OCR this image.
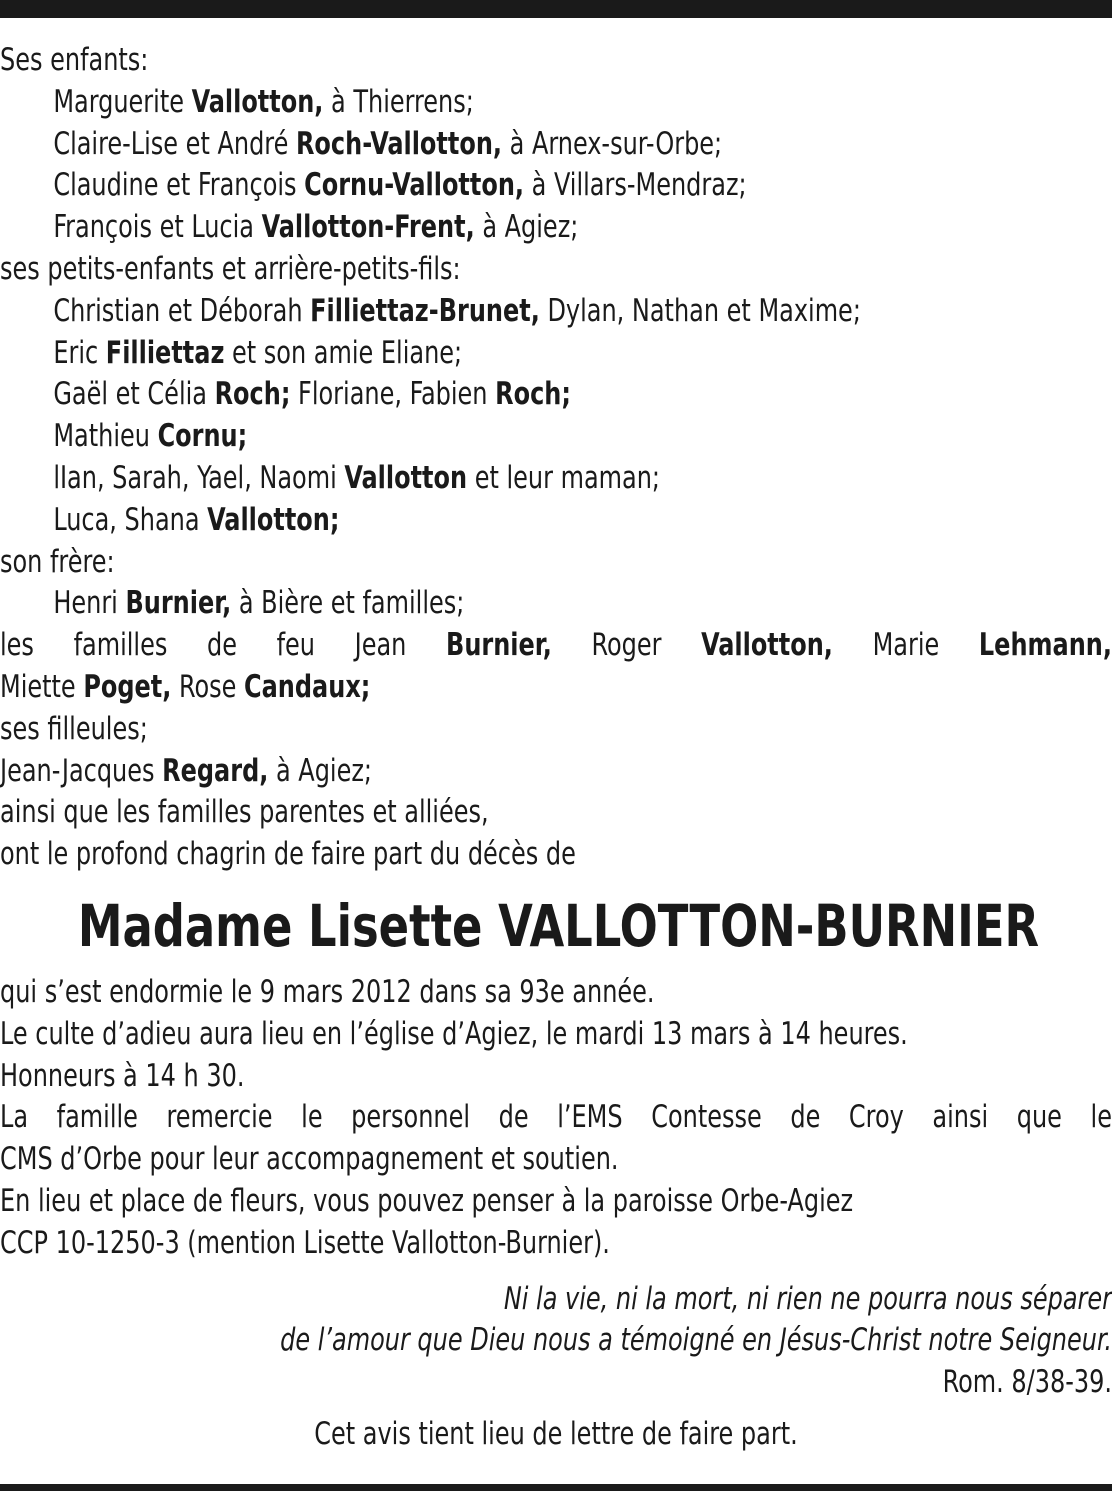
Ses enfants:
Marguerite Vallotton, à Thierrens;
Claire-Lise et André Roch-Vallotton, à Arnex-sur-Orbe;
Claudine et François Cornu-Vallotton, à Villars-Mendraz;
François et Lucia Vallotton-Frent, à Agiez;
ses petits-enfants et arrière-petits-fils:
Christian et Déborah Filliettaz-Brunet, Dylan, Nathan et Maxime;
Eric Filliettaz et son amie Eliane;
Gaël et Célia Roch; Floriane, Fabien Roch;
Mathieu Cornu;
lIan, Sarah, Yael, Naomi Vallotton et leur maman;
Luca, Shana Vallotton;
son frère:
Henri Burnier, à Bière et familles;
les familles de feu Jean Burnier, Roger Vallotton, Marie Lehmann,
Miette Poget, Rose Candaux;
ses filleules;
Jean-Jacques Regard, à Agiez;
ainsi que les familles parentes et alliées,
ont le profond chagrin de faire part du décès de
Madame Lisette VALLOTTON-BURNIER
qui s’est endormie le 9 mars 2012 dans sa 93e année.
Le culte d’adieu aura lieu en l’église d’Agiez, le mardi 13 mars à 14 heures.
Honneurs à 14 h 30.
La famille remercie le personnel de l’EMS Contesse de Croy ainsi que le
CMS d’Orbe pour leur accompagnement et soutien.
En lieu et place de fleurs, vous pouvez penser à la paroisse Orbe-Agiez
CCP 10-1250-3 (mention Lisette Vallotton-Burnier).
Ni la vie, ni la mort, ni rien ne pourra nous séparer
de l’amour que Dieu nous a témoigné en Jésus-Christ notre Seigneur.
Rom. 8/38-39.
Cet avis tient lieu de lettre de faire part.
